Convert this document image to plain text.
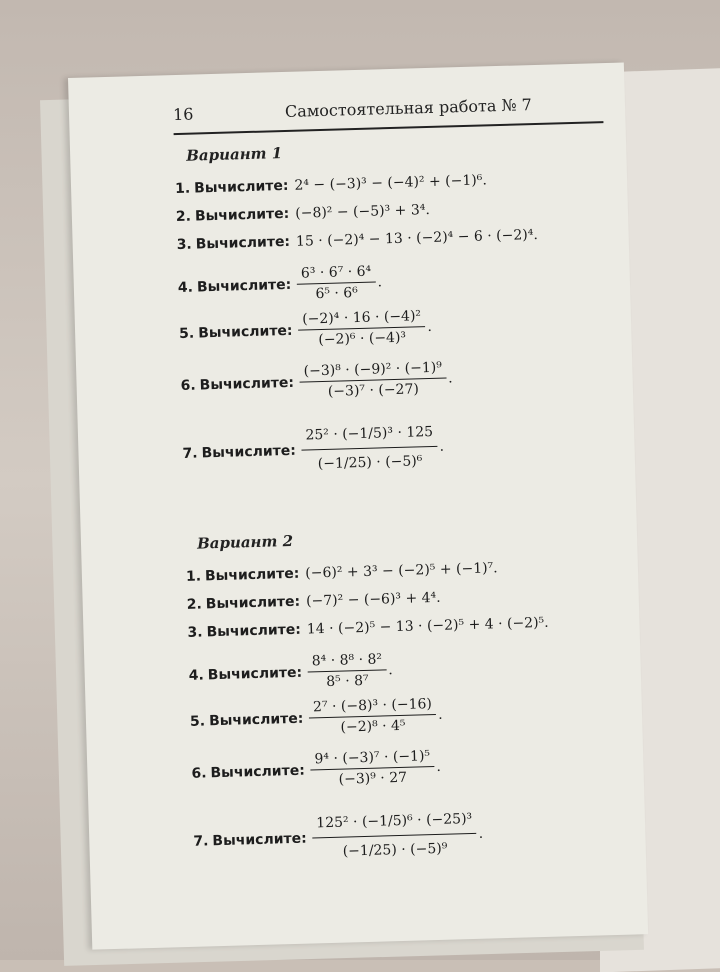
16	Самостоятельная работа № 7
Вариант 1
1. Вычислите: 2⁴ − (−3)³ − (−4)² + (−1)⁶.
2. Вычислите: (−8)² − (−5)³ + 3⁴.
3. Вычислите: 15 · (−2)⁴ − 13 · (−2)⁴ − 6 · (−2)⁴.
4. Вычислите: $\frac{\text{6³ · 6⁷ · 6⁴}}{\text{6⁵ · 6⁶}}$ .
5. Вычислите: $\frac{\text{(−2)⁴ · 16 · (−4)²}}{\text{(−2)⁶ · (−4)³}}$ .
6. Вычислите: $\frac{\text{(−3)⁸ · (−9)² · (−1)⁹}}{\text{(−3)⁷ · (−27)}}$ .
7. Вычислите: $\frac{\text{25² · (−1/5)³ · 125}}{\text{(−1/25) · (−5)⁶}}$ .
Вариант 2
1. Вычислите: (−6)² + 3³ − (−2)⁵ + (−1)⁷.
2. Вычислите: (−7)² − (−6)³ + 4⁴.
3. Вычислите: 14 · (−2)⁵ − 13 · (−2)⁵ + 4 · (−2)⁵.
4. Вычислите: $\frac{\text{8⁴ · 8⁸ · 8²}}{\text{8⁵ · 8⁷}}$ .
5. Вычислите: $\frac{\text{2⁷ · (−8)³ · (−16)}}{\text{(−2)⁸ · 4⁵}}$ .
6. Вычислите: $\frac{\text{9⁴ · (−3)⁷ · (−1)⁵}}{\text{(−3)⁹ · 27}}$ .
7. Вычислите: $\frac{\text{125² · (−1/5)⁶ · (−25)³}}{\text{(−1/25) · (−5)⁹}}$ .
